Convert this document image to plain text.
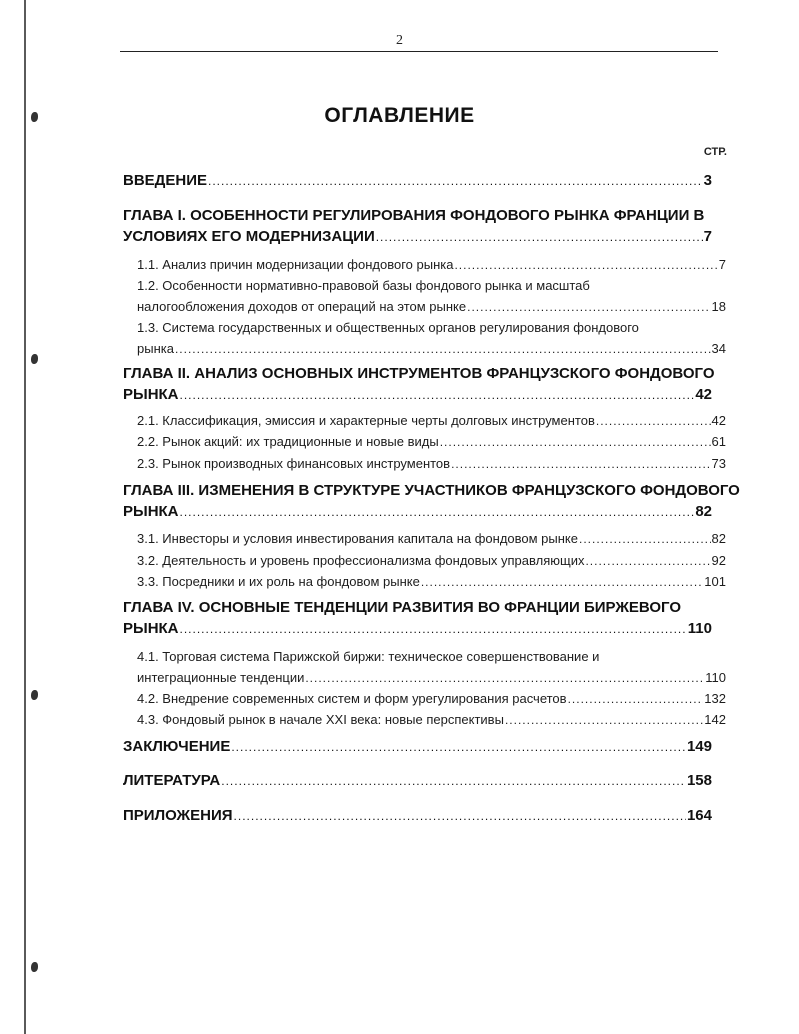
2
ОГЛАВЛЕНИЕ
СТР.
ВВЕДЕНИЕ .....	3
ГЛАВА I. ОСОБЕННОСТИ РЕГУЛИРОВАНИЯ ФОНДОВОГО РЫНКА ФРАНЦИИ В
УСЛОВИЯХ ЕГО МОДЕРНИЗАЦИИ .....	7
1.1. Анализ причин модернизации фондового рынка .....	7
1.2. Особенности нормативно-правовой базы фондового рынка и масштаб
налогообложения доходов от операций на этом рынке .....	18
1.3. Система государственных и общественных органов регулирования фондового
рынка .....	34
ГЛАВА II. АНАЛИЗ ОСНОВНЫХ ИНСТРУМЕНТОВ ФРАНЦУЗСКОГО ФОНДОВОГО
РЫНКА .....	42
2.1. Классификация, эмиссия и характерные черты долговых инструментов .....	42
2.2. Рынок акций: их традиционные и новые виды .....	61
2.3. Рынок производных финансовых инструментов .....	73
ГЛАВА III. ИЗМЕНЕНИЯ В СТРУКТУРЕ УЧАСТНИКОВ ФРАНЦУЗСКОГО ФОНДОВОГО
РЫНКА .....	82
3.1. Инвесторы и условия инвестирования капитала на фондовом рынке .....	82
3.2. Деятельность и уровень профессионализма фондовых управляющих .....	92
3.3. Посредники и их роль на фондовом рынке .....	101
ГЛАВА IV. ОСНОВНЫЕ ТЕНДЕНЦИИ РАЗВИТИЯ ВО ФРАНЦИИ БИРЖЕВОГО
РЫНКА .....	110
4.1. Торговая система Парижской биржи: техническое совершенствование и
интеграционные тенденции .....	110
4.2. Внедрение современных систем и форм урегулирования расчетов .....	132
4.3. Фондовый рынок в начале XXI века: новые перспективы .....	142
ЗАКЛЮЧЕНИЕ .....	149
ЛИТЕРАТУРА .....	158
ПРИЛОЖЕНИЯ .....	164
